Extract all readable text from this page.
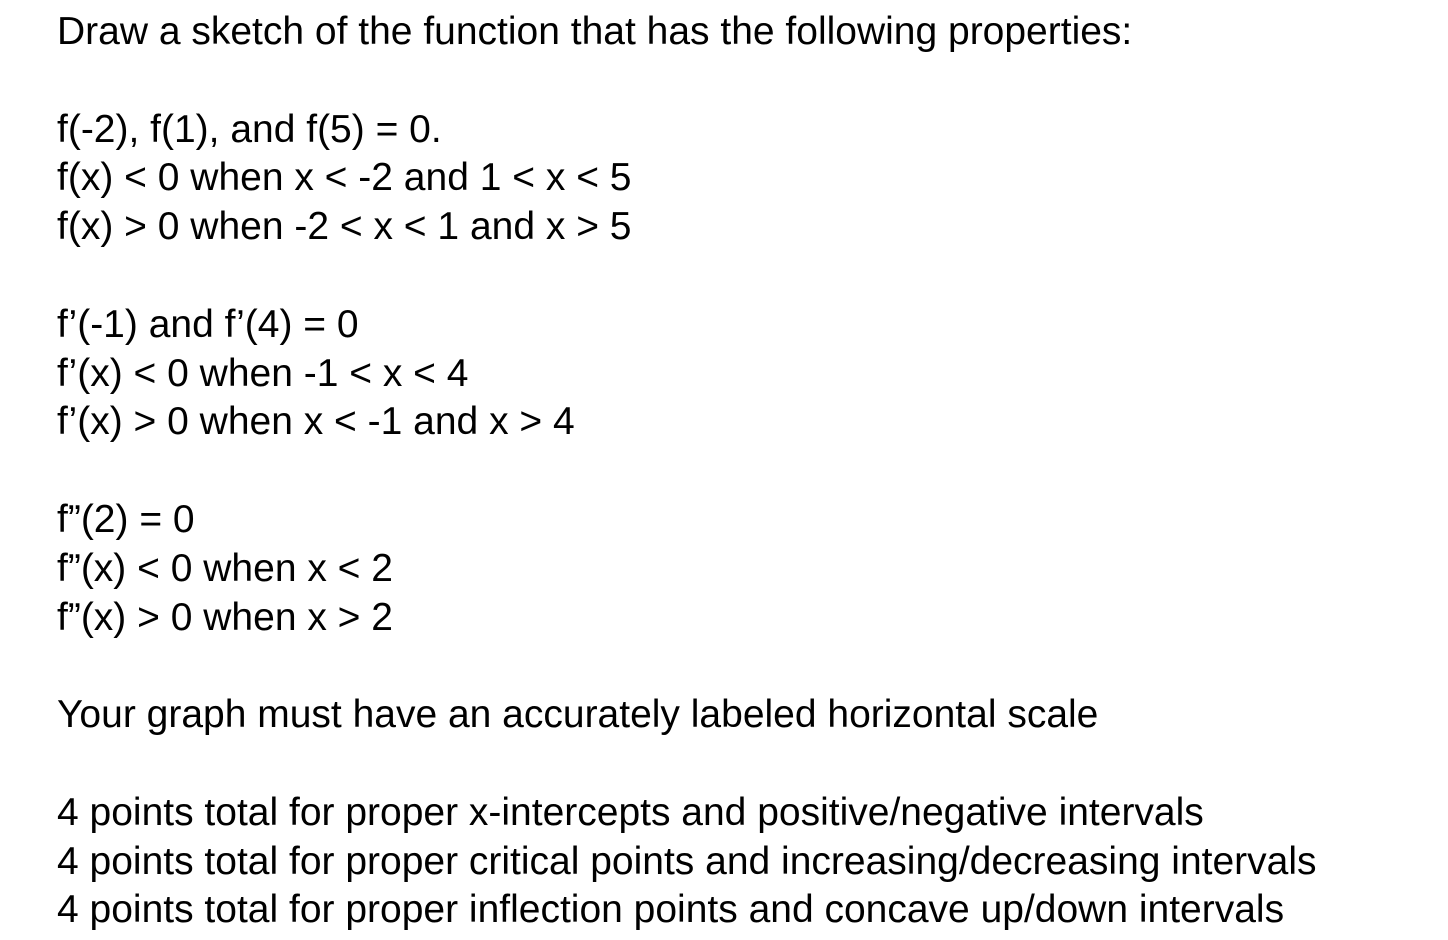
Draw a sketch of the function that has the following properties:

f(-2), f(1), and f(5) = 0.

f(x) < 0 when x < -2 and 1 < x < 5

f(x) > 0 when -2 < x < 1 and x > 5

f’(-1) and f’(4) = 0

f’(x) < 0 when -1 < x < 4

f’(x) > 0 when x < -1 and x > 4

f”(2) = 0

f”(x) < 0 when x < 2

f”(x) > 0 when x > 2

Your graph must have an accurately labeled horizontal scale

4 points total for proper x-intercepts and positive/negative intervals

4 points total for proper critical points and increasing/decreasing intervals

4 points total for proper inflection points and concave up/down intervals
